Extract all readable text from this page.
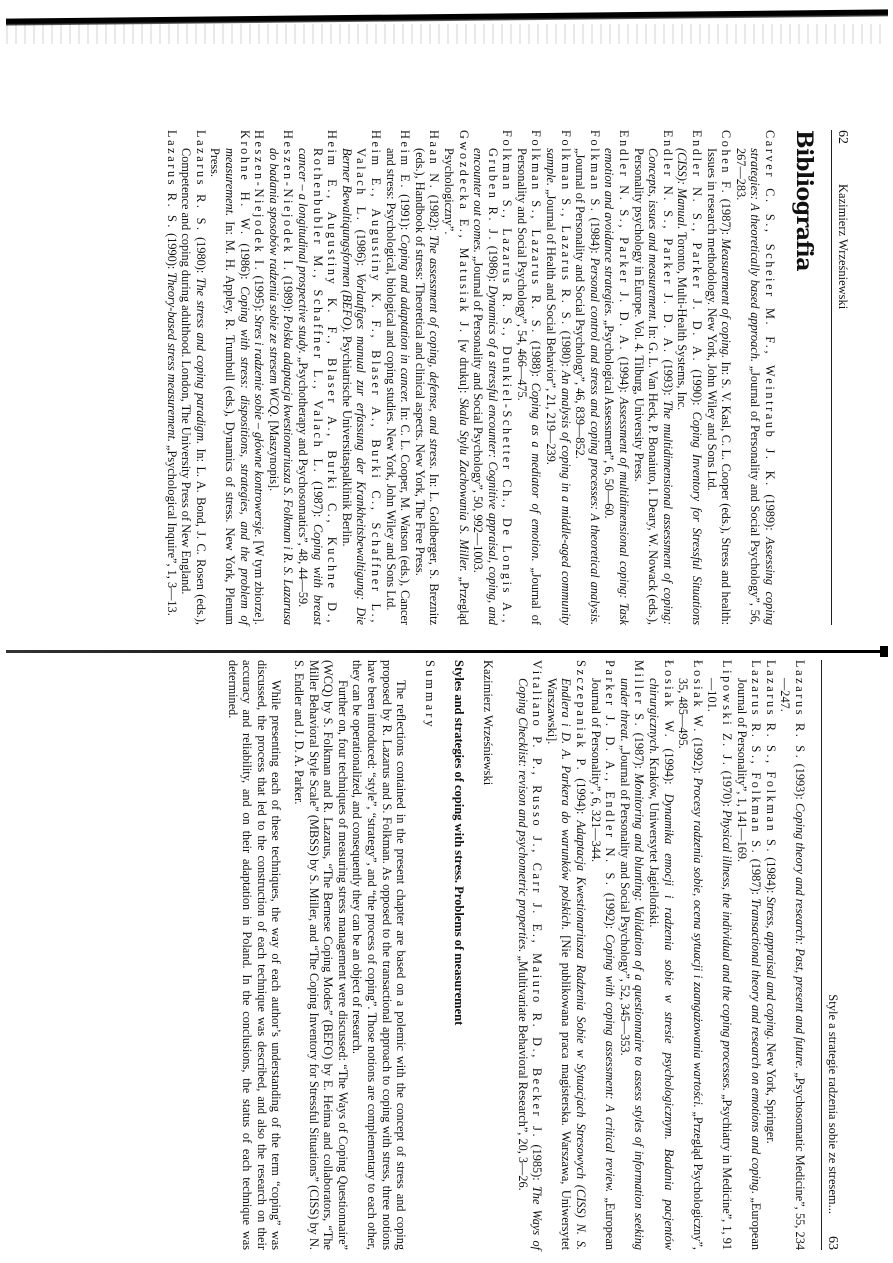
62
Kazimierz Wrześniewski
Bibliografia

Carver C. S., Scheier M. F., Weintraub J. K. (1989): Assessing coping strategies: A theoretically based approach. „Journal of Personality and Social Psychology”, 56, 267—283.

Cohen F. (1987): Measurement of coping. In: S. V. Kasl, C. L. Cooper (eds.), Stress and health: Issues in research methodology. New York, John Wiley and Sons Ltd.

Endler N. S., Parker J. D. A. (1990): Coping Inventory for Stressful Situations (CISS): Manual. Toronto, Multi-Health Systems, Inc.

Endler N. S., Parker J. D. A. (1993): The multidimensional assessment of coping: Concepts, issues and measurement. In: G. L. Van Heck, P. Bonaiuto, I. Deary, W. Nowack (eds.), Personality psychology in Europe. Vol. 4. Tilburg, University Press.

Endler N. S., Parker J. D. A. (1994): Assessment of multidimensional coping: Task emotion and avoidance strategies. „Psychological Assessment”, 6, 50—60.

Folkman S. (1984): Personal control and stress and coping processes: A theoretical analysis. „Journal of Personality and Social Psychology”, 46, 839—852.

Folkman S., Lazarus R. S. (1980): An analysis of coping in a middle-aged community sample. „Journal of Health and Social Behavior”, 21, 219—239.

Folkman S., Lazarus R. S. (1988): Coping as a mediator of emotion. „Journal of Personality and Social Psychology”, 54, 466—475.

Folkman S., Lazarus R. S., Dunkiel-Schetter Ch., De Longis A., Gruben R. J. (1986): Dynamics of a stressful encounter: Cognitive appraisal, coping, and encounter out comes. „Journal of Personality and Social Psychology”, 50, 992—1003.

Gwozdecka E., Matusiak J. [w druku]: Skala Stylu Zachowania S. Miller. „Przegląd Psychologiczny”.

Haan N. (1982): The assessment of coping, defense, and stress. In: L. Goldberger, S. Breznitz (eds.), Handbook of stress: Theoretical and clinical aspects. New York, The Free Press.

Heim E. (1991): Coping and adaptation in cancer. In: C. L. Cooper, M. Watson (eds.), Cancer and stress: Psychological, biological and coping studies. New York, John Wiley and Sons Ltd.

Heim E., Augustiny K. F., Blaser A., Burki C., Schaffner L., Valach L. (1986): Vorlaufiges manual zur erfassung der Krankheitsbewaltigung: Die Berner Bewaltiqungsformen (BEFO). Psychiatrische Universitaspalklinik Berlin.

Heim E., Augustiny K. F., Blaser A., Burki C., Kuchne D., Rothenbubler M., Schaffner L., Valach L. (1987): Coping with breast cancer – a longitudinal prospective study. „Psychotherapy and Psychosomatics”, 48, 44—59.

Heszen-Niejodek I. (1989): Polska adaptacja kwestionariusza S. Folkman i R. S. Lazarusa do badania sposobów radzenia sobie ze stresem WCQ. [Maszynopis].

Heszen-Niejodek I. (1995): Stres i radzenie sobie – główne kontrowersje. [W tym zbiorze].

Krohne H. W. (1986): Coping with stress: dispositions, strategies, and the problem of measurement. In: M. H. Appley, R. Trumbull (eds.), Dynamics of stress. New York, Plenum Press.

Lazarus R. S. (1980): The stress and coping paradigm. In: L. A. Bond, J. C. Rosen (eds.), Competence and coping during adulthood. London, The University Press of New England.

Lazarus R. S. (1990): Theory-based stress measurement. „Psychological Inquire”, 1, 3—13.

Style a strategie radzenia sobie ze stresem...
63

Lazarus R. S. (1993): Coping theory and research: Past, present and future. „Psychosomatic Medicine”, 55, 234—247.

Lazarus R. S., Folkman S. (1984): Stress, appraisal and coping. New York, Springer.

Lazarus R. S., Folkman S. (1987): Transactional theory and research on emotions and coping. „European Journal of Personality”, 1, 141—169.

Lipowski Z. J. (1970): Physical illness, the individual and the coping processes. „Psychiatry in Medicine”, 1, 91—101.

Łosiak W. (1992): Procesy radzenia sobie, ocena sytuacji i zaangażowania wartości. „Przegląd Psychologiczny”, 35, 485—495.

Łosiak W. (1994): Dynamika emocji i radzenia sobie w stresie psychologicznym. Badania pacjentów chirurgicznych. Kraków, Uniwersytet Jagielloński.

Miller S. (1987): Monitoring and blunting: Validation of a questionnaire to assess styles of information seeking under threat. „Journal of Personality and Social Psychology”, 52, 345—353.

Parker J. D. A., Endler N. S. (1992): Coping with coping assessment: A critical review. „European Journal of Personality”, 6, 321—344.

Szczepaniak P. (1994): Adaptacja Kwestionariusza Radzenia Sobie w Sytuacjach Stresowych (CISS) N. S. Endlera i D. A. Parkera do warunków polskich. [Nie publikowana praca magisterska. Warszawa, Uniwersytet Warszawski].

Vitaliano P. P., Russo J., Carr J. E., Maiuro R. D., Becker J. (1985): The Ways of Coping Checklist: revison and psychometric properties. „Multivariate Behavioral Research”, 20, 3—26.

Kazimierz Wrześniewski
Styles and strategies of coping with stress. Problems of measurement
Summary

The reflections contained in the present chapter are based on a polemic with the concept of stress and coping proposed by R. Lazarus and S. Folkman. As opposed to the transactional approach to coping with stress, three notions have been introduced: “style”, “strategy”, and “the process of coping”. Those notions are complementary to each other, they can be operationalized, and consequently they can be an object of research.

Further on, four techniques of measuring stress management were discussed: “The Ways of Coping Questionnaire” (WCQ) by S. Folkman and R. Lazarus, “The Bernese Coping Modes” (BEFO) by E. Heima and collaborators, “The Miller Behavioral Style Scale” (MBSS) by S. Miller, and “The Coping Inventory for Stressful Situations” (CISS) by N. S. Endler and J. D. A. Parker.

While presenting each of these techniques, the way of each author’s understanding of the term “coping” was discussed, the process that led to the construction of each technique was described, and also the research on their accuracy and reliability, and on their adaptation in Poland. In the conclusions, the status of each technique was determined.
